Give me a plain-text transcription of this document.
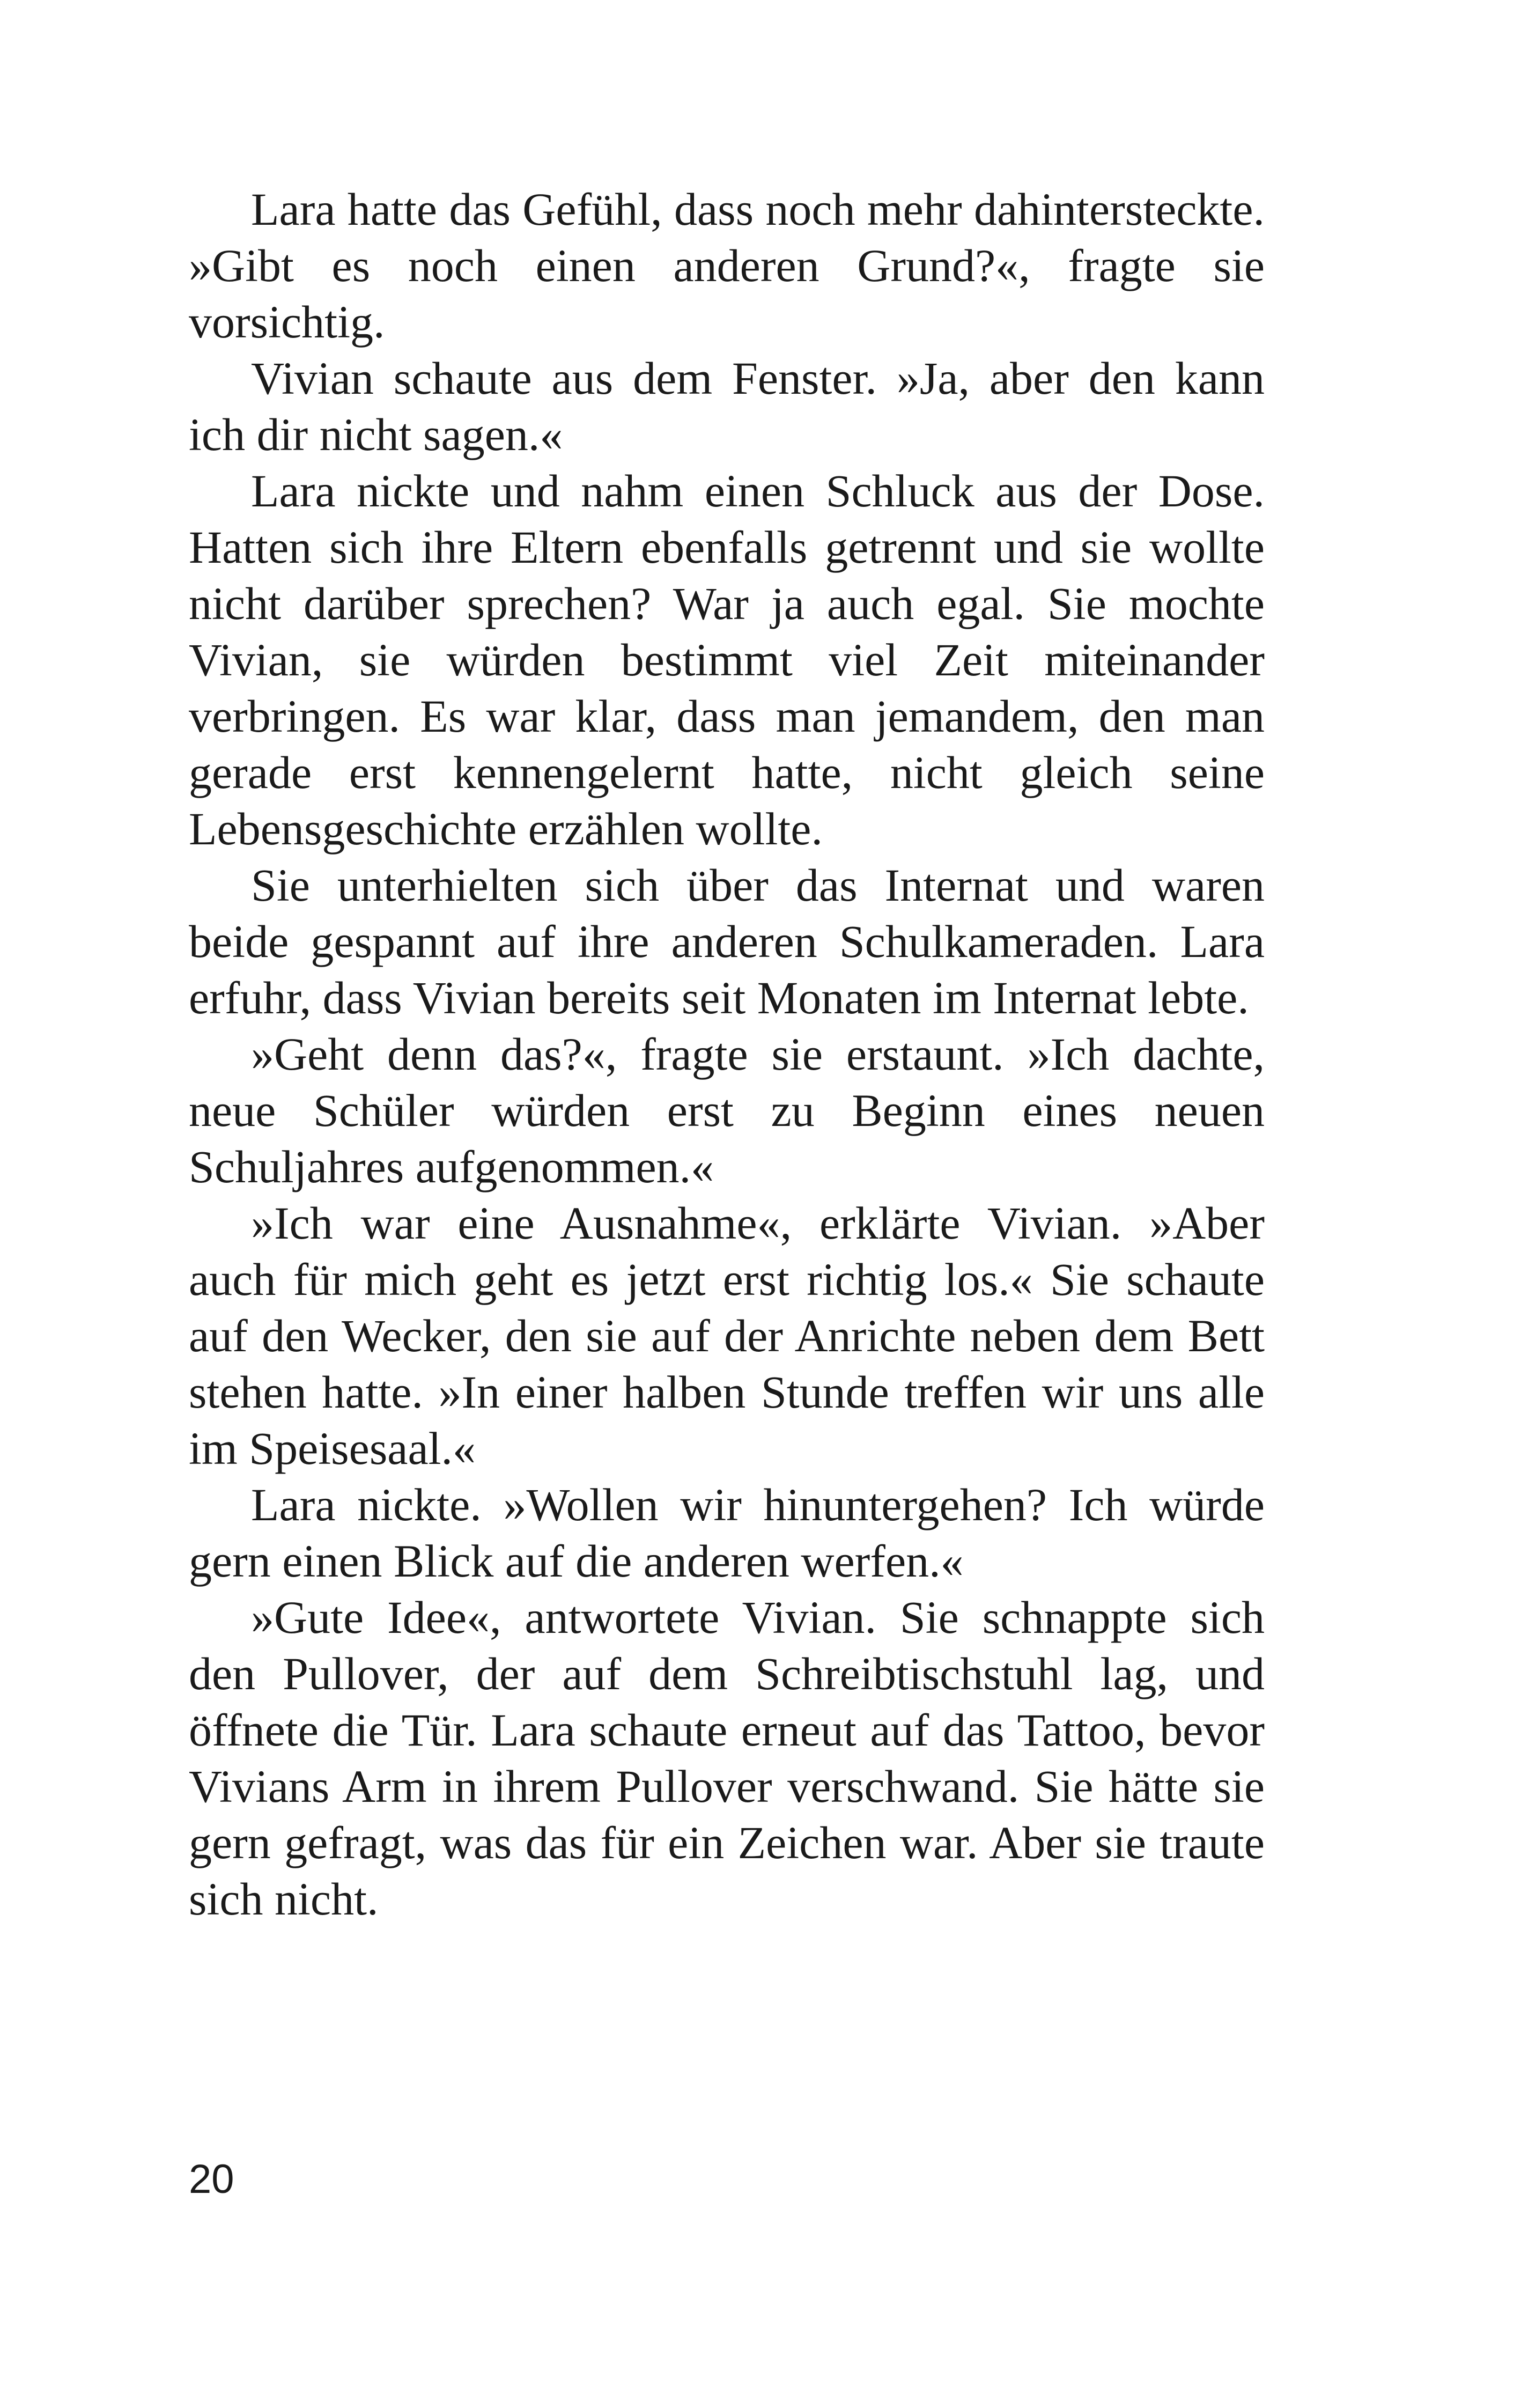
Lara hatte das Gefühl, dass noch mehr dahintersteckte. »Gibt es noch einen anderen Grund?«, fragte sie vorsichtig.

Vivian schaute aus dem Fenster. »Ja, aber den kann ich dir nicht sagen.«

Lara nickte und nahm einen Schluck aus der Dose. Hatten sich ihre Eltern ebenfalls getrennt und sie wollte nicht darüber sprechen? War ja auch egal. Sie mochte Vivian, sie würden bestimmt viel Zeit miteinander verbringen. Es war klar, dass man jemandem, den man gerade erst kennengelernt hatte, nicht gleich seine Lebensgeschichte erzählen wollte.

Sie unterhielten sich über das Internat und waren beide gespannt auf ihre anderen Schulkameraden. Lara erfuhr, dass Vivian bereits seit Monaten im Internat lebte.

»Geht denn das?«, fragte sie erstaunt. »Ich dachte, neue Schüler würden erst zu Beginn eines neuen Schuljahres aufgenommen.«

»Ich war eine Ausnahme«, erklärte Vivian. »Aber auch für mich geht es jetzt erst richtig los.« Sie schaute auf den Wecker, den sie auf der Anrichte neben dem Bett stehen hatte. »In einer halben Stunde treffen wir uns alle im Speisesaal.«

Lara nickte. »Wollen wir hinuntergehen? Ich würde gern einen Blick auf die anderen werfen.«

»Gute Idee«, antwortete Vivian. Sie schnappte sich den Pullover, der auf dem Schreibtischstuhl lag, und öffnete die Tür. Lara schaute erneut auf das Tattoo, bevor Vivians Arm in ihrem Pullover verschwand. Sie hätte sie gern gefragt, was das für ein Zeichen war. Aber sie traute sich nicht.

20
